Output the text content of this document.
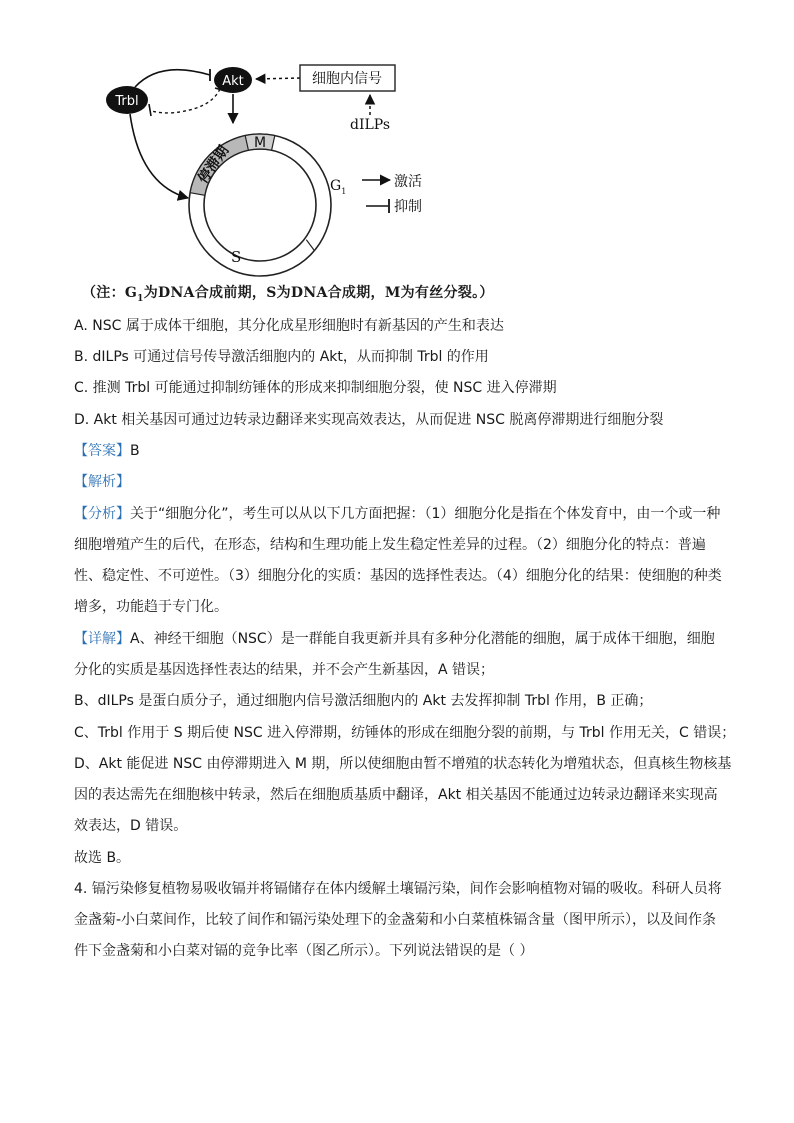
M
停滞期	$G_1$
S
Akt
Trbl
细胞内信号
dILPs
激活
抑制
（注：$G_1$为DNA合成前期，S为DNA合成期，M为有丝分裂。）
A. NSC 属于成体干细胞，其分化成星形细胞时有新基因的产生和表达
B. dILPs 可通过信号传导激活细胞内的 Akt，从而抑制 Trbl 的作用
C. 推测 Trbl 可能通过抑制纺锤体的形成来抑制细胞分裂，使 NSC 进入停滞期
D. Akt 相关基因可通过边转录边翻译来实现高效表达，从而促进 NSC 脱离停滞期进行细胞分裂
【答案】B
【解析】
【分析】关于“细胞分化”，考生可以从以下几方面把握：（1）细胞分化是指在个体发育中，由一个或一种
细胞增殖产生的后代，在形态，结构和生理功能上发生稳定性差异的过程。（2）细胞分化的特点：普遍
性、稳定性、不可逆性。（3）细胞分化的实质：基因的选择性表达。（4）细胞分化的结果：使细胞的种类
增多，功能趋于专门化。
【详解】A、神经干细胞（NSC）是一群能自我更新并具有多种分化潜能的细胞，属于成体干细胞，细胞
分化的实质是基因选择性表达的结果，并不会产生新基因，A 错误；
B、dILPs 是蛋白质分子，通过细胞内信号激活细胞内的 Akt 去发挥抑制 Trbl 作用，B 正确；
C、Trbl 作用于 S 期后使 NSC 进入停滞期，纺锤体的形成在细胞分裂的前期，与 Trbl 作用无关，C 错误；
D、Akt 能促进 NSC 由停滞期进入 M 期，所以使细胞由暂不增殖的状态转化为增殖状态，但真核生物核基
因的表达需先在细胞核中转录，然后在细胞质基质中翻译，Akt 相关基因不能通过边转录边翻译来实现高
效表达，D 错误。
故选 B。
4. 镉污染修复植物易吸收镉并将镉储存在体内缓解土壤镉污染，间作会影响植物对镉的吸收。科研人员将
金盏菊-小白菜间作，比较了间作和镉污染处理下的金盏菊和小白菜植株镉含量（图甲所示），以及间作条
件下金盏菊和小白菜对镉的竞争比率（图乙所示）。下列说法错误的是（ ）
